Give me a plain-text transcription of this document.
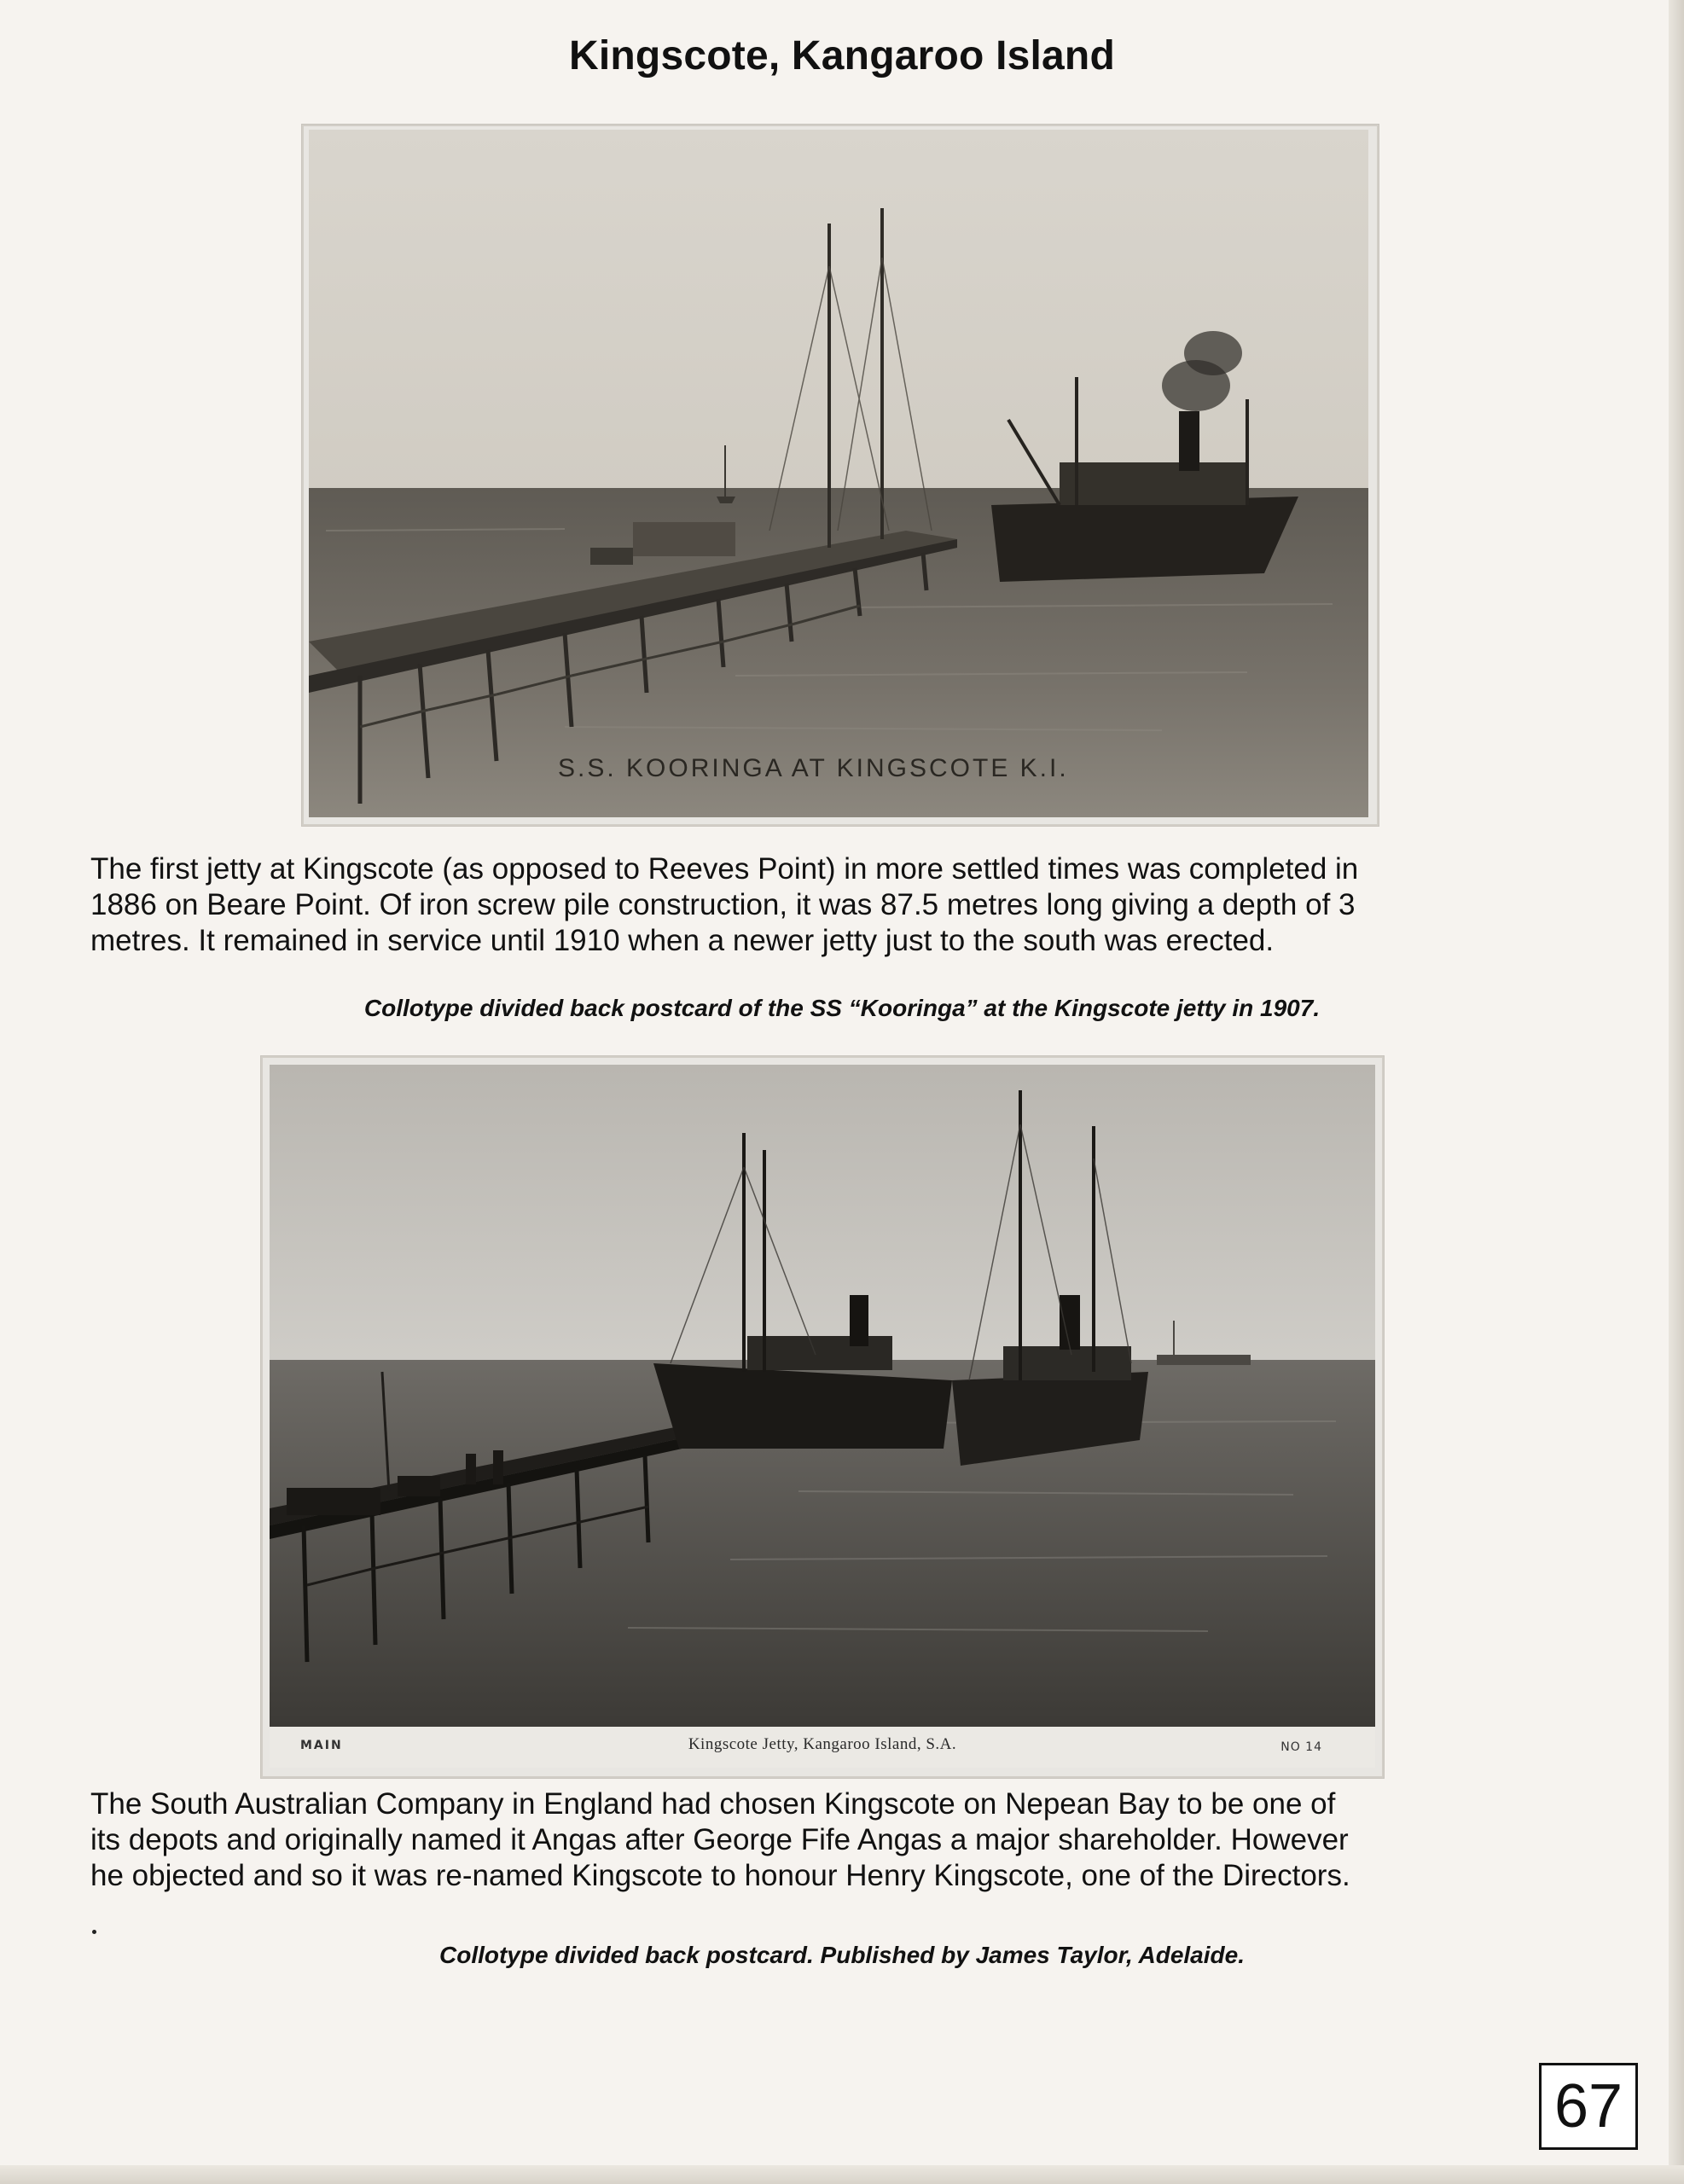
Kingscote, Kangaroo Island
S.S. KOORINGA AT KINGSCOTE K.I.
The first jetty at Kingscote (as opposed to Reeves Point) in more settled times was completed in
1886 on Beare Point. Of iron screw pile construction, it was 87.5 metres long giving a depth of 3
metres. It remained in service until 1910 when a newer jetty just to the south was erected.
Collotype divided back postcard of the SS “Kooringa” at the Kingscote jetty in 1907.
MAIN	Kingscote Jetty, Kangaroo Island, S.A.	NO 14
The South Australian Company in England had chosen Kingscote on Nepean Bay to be one of
its depots and originally named it Angas after George Fife Angas a major shareholder. However
he objected and so it was re-named Kingscote to honour Henry Kingscote, one of the Directors.
Collotype divided back postcard. Published by James Taylor, Adelaide.
67
